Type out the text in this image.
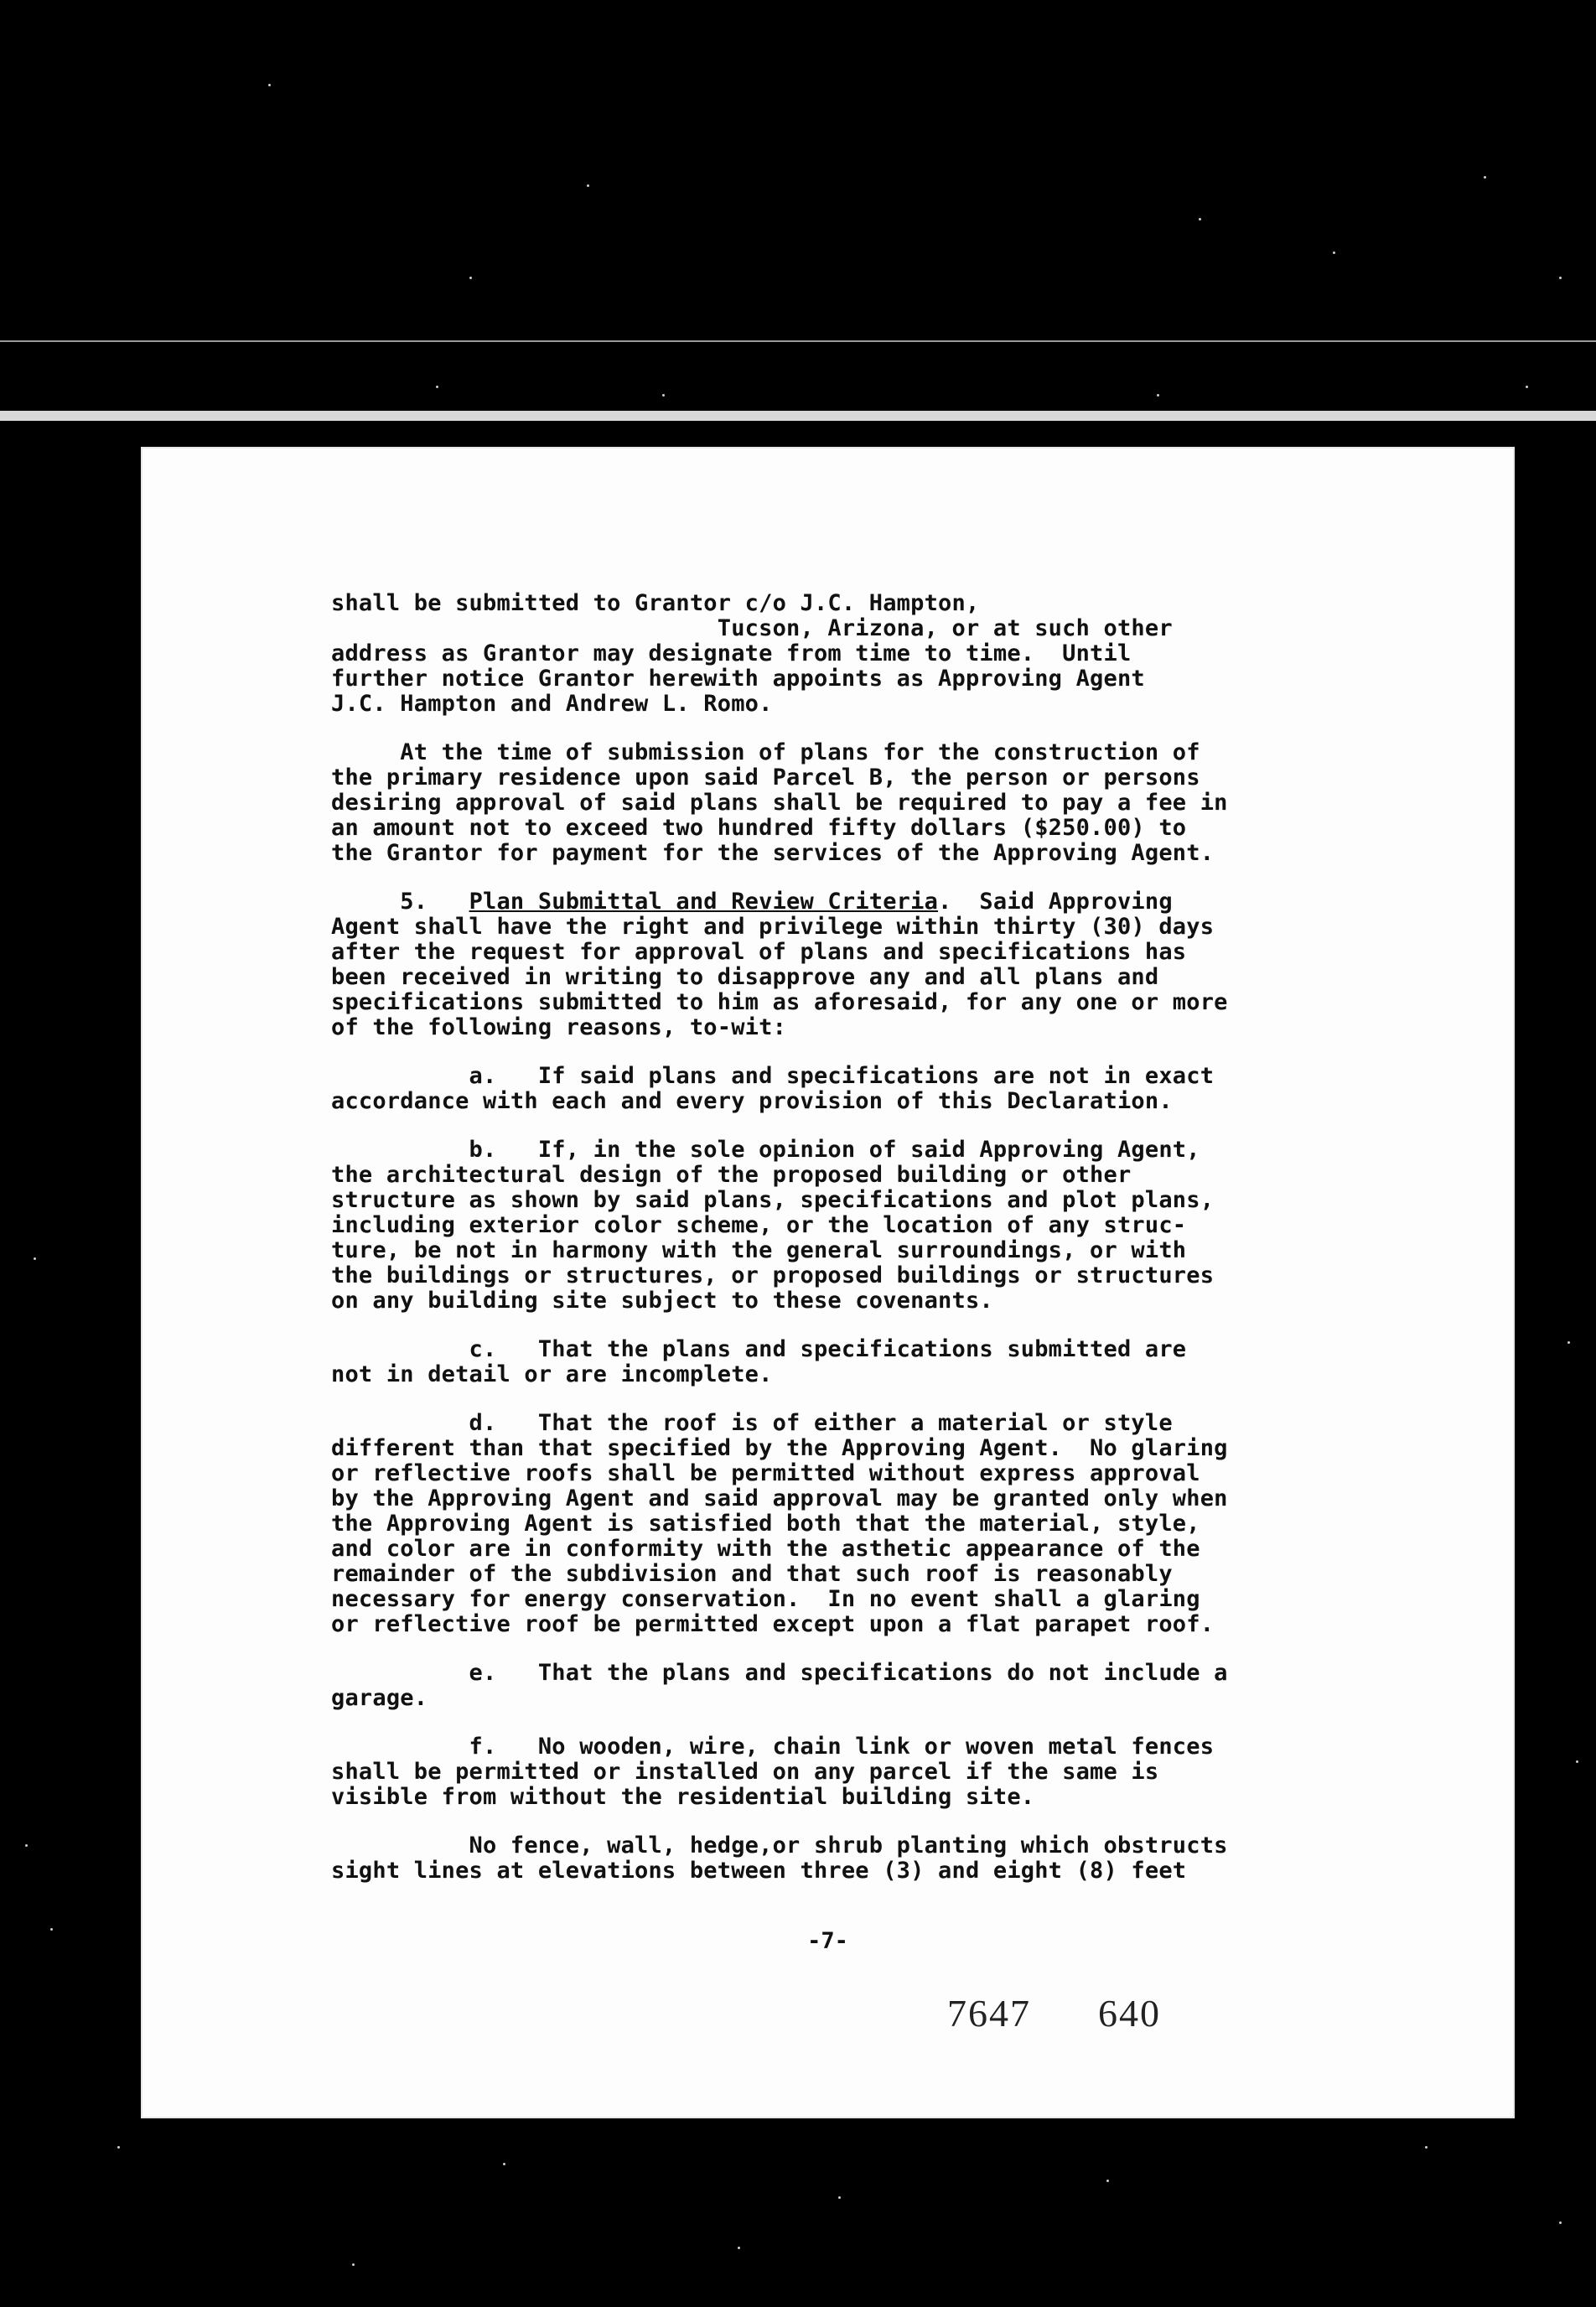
shall be submitted to Grantor c/o J.C. Hampton,
Tucson, Arizona, or at such other
address as Grantor may designate from time to time.  Until
further notice Grantor herewith appoints as Approving Agent
J.C. Hampton and Andrew L. Romo.
At the time of submission of plans for the construction of
the primary residence upon said Parcel B, the person or persons
desiring approval of said plans shall be required to pay a fee in
an amount not to exceed two hundred fifty dollars ($250.00) to
the Grantor for payment for the services of the Approving Agent.
5.   Plan Submittal and Review Criteria.  Said Approving
Agent shall have the right and privilege within thirty (30) days
after the request for approval of plans and specifications has
been received in writing to disapprove any and all plans and
specifications submitted to him as aforesaid, for any one or more
of the following reasons, to-wit:
a.   If said plans and specifications are not in exact
accordance with each and every provision of this Declaration.
b.   If, in the sole opinion of said Approving Agent,
the architectural design of the proposed building or other
structure as shown by said plans, specifications and plot plans,
including exterior color scheme, or the location of any struc-
ture, be not in harmony with the general surroundings, or with
the buildings or structures, or proposed buildings or structures
on any building site subject to these covenants.
c.   That the plans and specifications submitted are
not in detail or are incomplete.
d.   That the roof is of either a material or style
different than that specified by the Approving Agent.  No glaring
or reflective roofs shall be permitted without express approval
by the Approving Agent and said approval may be granted only when
the Approving Agent is satisfied both that the material, style,
and color are in conformity with the asthetic appearance of the
remainder of the subdivision and that such roof is reasonably
necessary for energy conservation.  In no event shall a glaring
or reflective roof be permitted except upon a flat parapet roof.
e.   That the plans and specifications do not include a
garage.
f.   No wooden, wire, chain link or woven metal fences
shall be permitted or installed on any parcel if the same is
visible from without the residential building site.
No fence, wall, hedge,or shrub planting which obstructs
sight lines at elevations between three (3) and eight (8) feet
-7-
7647 640
